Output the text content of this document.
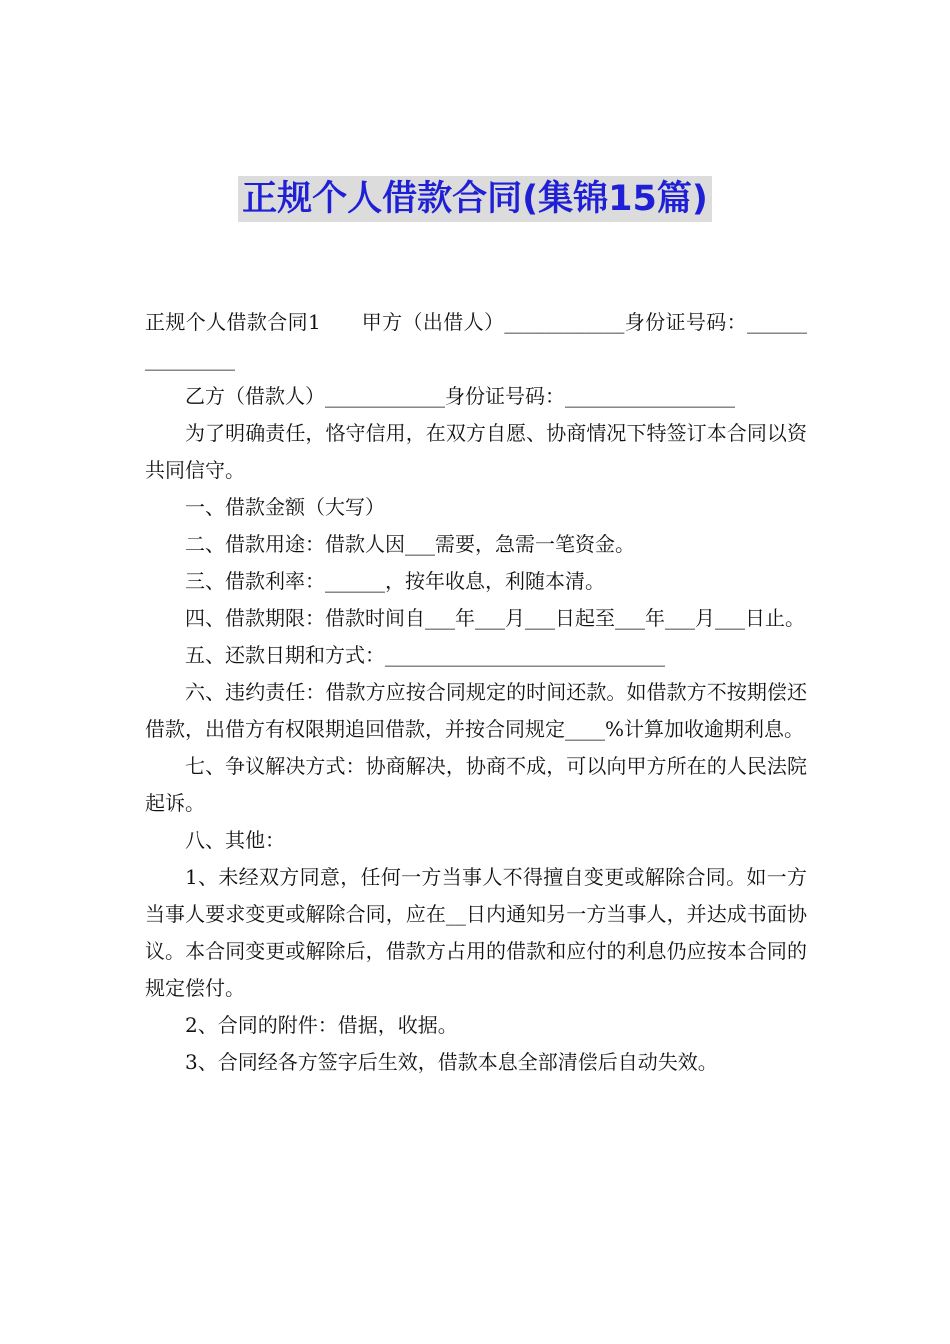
正规个人借款合同(集锦15篇)

正规个人借款合同1　　甲方（出借人）____________身份证号码：_______________

乙方（借款人）____________身份证号码：_________________

为了明确责任，恪守信用，在双方自愿、协商情况下特签订本合同以资共同信守。

一、借款金额（大写）

二、借款用途：借款人因___需要，急需一笔资金。

三、借款利率：______，按年收息，利随本清。

四、借款期限：借款时间自___年___月___日起至___年___月___日止。

五、还款日期和方式：____________________________

六、违约责任：借款方应按合同规定的时间还款。如借款方不按期偿还借款，出借方有权限期追回借款，并按合同规定____%计算加收逾期利息。

七、争议解决方式：协商解决，协商不成，可以向甲方所在的人民法院起诉。

八、其他：

1、未经双方同意，任何一方当事人不得擅自变更或解除合同。如一方当事人要求变更或解除合同，应在__日内通知另一方当事人，并达成书面协议。本合同变更或解除后，借款方占用的借款和应付的利息仍应按本合同的规定偿付。

2、合同的附件：借据，收据。

3、合同经各方签字后生效，借款本息全部清偿后自动失效。
